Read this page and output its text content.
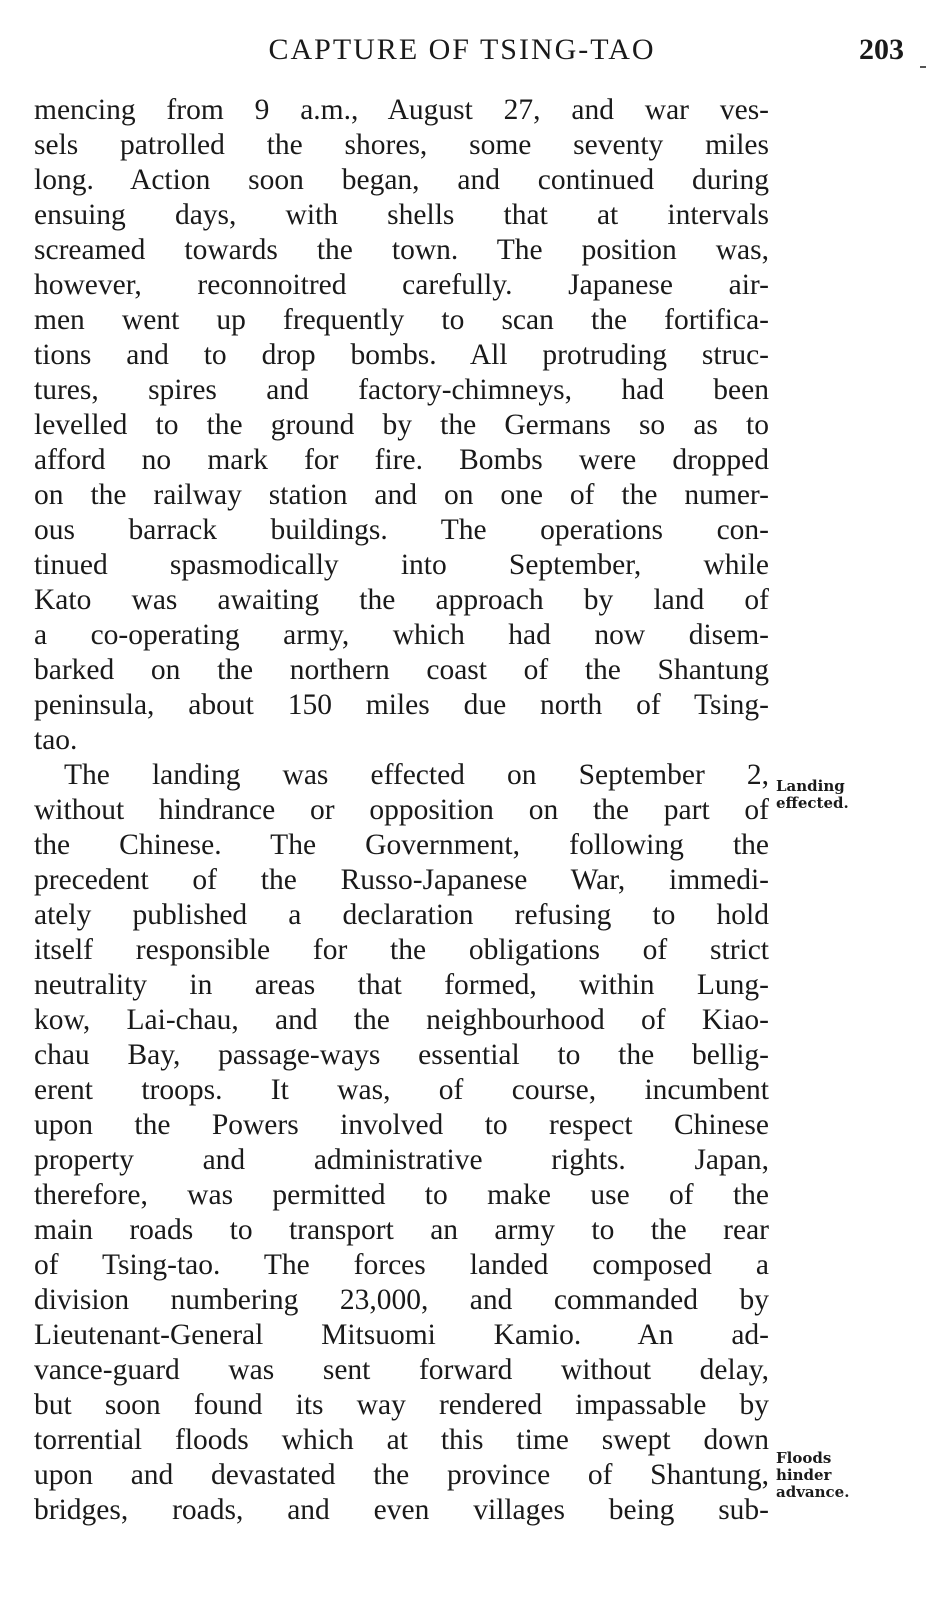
CAPTURE OF TSING-TAO	203
mencing from 9 a.m., August 27, and war ves-
sels patrolled the shores, some seventy miles
long. Action soon began, and continued during
ensuing days, with shells that at intervals
screamed towards the town. The position was,
however, reconnoitred carefully. Japanese air-
men went up frequently to scan the fortifica-
tions and to drop bombs. All protruding struc-
tures, spires and factory-chimneys, had been
levelled to the ground by the Germans so as to
afford no mark for fire. Bombs were dropped
on the railway station and on one of the numer-
ous barrack buildings. The operations con-
tinued spasmodically into September, while
Kato was awaiting the approach by land of
a co-operating army, which had now disem-
barked on the northern coast of the Shantung
peninsula, about 150 miles due north of Tsing-
tao.
The landing was effected on September 2,
without hindrance or opposition on the part of
the Chinese. The Government, following the
precedent of the Russo-Japanese War, immedi-
ately published a declaration refusing to hold
itself responsible for the obligations of strict
neutrality in areas that formed, within Lung-
kow, Lai-chau, and the neighbourhood of Kiao-
chau Bay, passage-ways essential to the bellig-
erent troops. It was, of course, incumbent
upon the Powers involved to respect Chinese
property and administrative rights. Japan,
therefore, was permitted to make use of the
main roads to transport an army to the rear
of Tsing-tao. The forces landed composed a
division numbering 23,000, and commanded by
Lieutenant-General Mitsuomi Kamio. An ad-
vance-guard was sent forward without delay,
but soon found its way rendered impassable by
torrential floods which at this time swept down
upon and devastated the province of Shantung,
bridges, roads, and even villages being sub-
Landing
effected.
Floods
hinder
advance.
